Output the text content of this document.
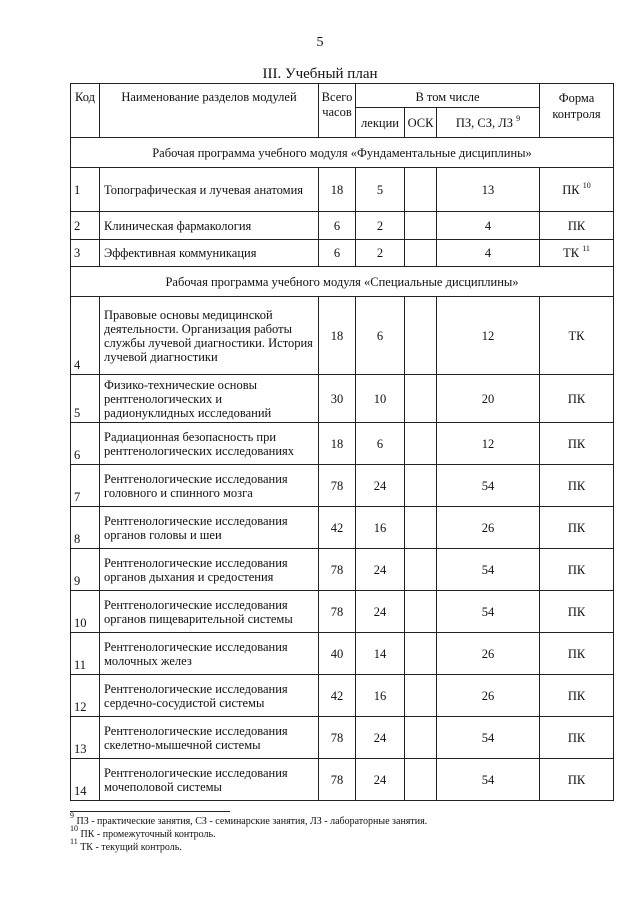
5
III. Учебный план
Код	Наименование разделов модулей	Всего часов	В том числе			Форма контроля
			лекции	ОСК	ПЗ, СЗ, ЛЗ $^9$
Рабочая программа учебного модуля «Фундаментальные дисциплины»						
1	Топографическая и лучевая анатомия	18	5		13	ПК $^{10}$
2	Клиническая фармакология	6	2		4	ПК
3	Эффективная коммуникация	6	2		4	ТК $^{11}$
Рабочая программа учебного модуля «Специальные дисциплины»						
4	Правовые основы медицинской деятельности. Организация работы службы лучевой диагностики. История лучевой диагностики	18	6		12	ТК
5	Физико-технические основы рентгенологических и радионуклидных исследований	30	10		20	ПК
6	Радиационная безопасность при рентгенологических исследованиях	18	6		12	ПК
7	Рентгенологические исследования головного и спинного мозга	78	24		54	ПК
8	Рентгенологические исследования органов головы и шеи	42	16		26	ПК
9	Рентгенологические исследования органов дыхания и средостения	78	24		54	ПК
10	Рентгенологические исследования органов пищеварительной системы	78	24		54	ПК
11	Рентгенологические исследования молочных желез	40	14		26	ПК
12	Рентгенологические исследования сердечно-сосудистой системы	42	16		26	ПК
13	Рентгенологические исследования скелетно-мышечной системы	78	24		54	ПК
14	Рентгенологические исследования мочеполовой системы	78	24		54	ПК
$^9$ ПЗ - практические занятия, СЗ - семинарские занятия, ЛЗ - лабораторные занятия.
$^{10}$ ПК - промежуточный контроль.
$^{11}$ ТК - текущий контроль.
